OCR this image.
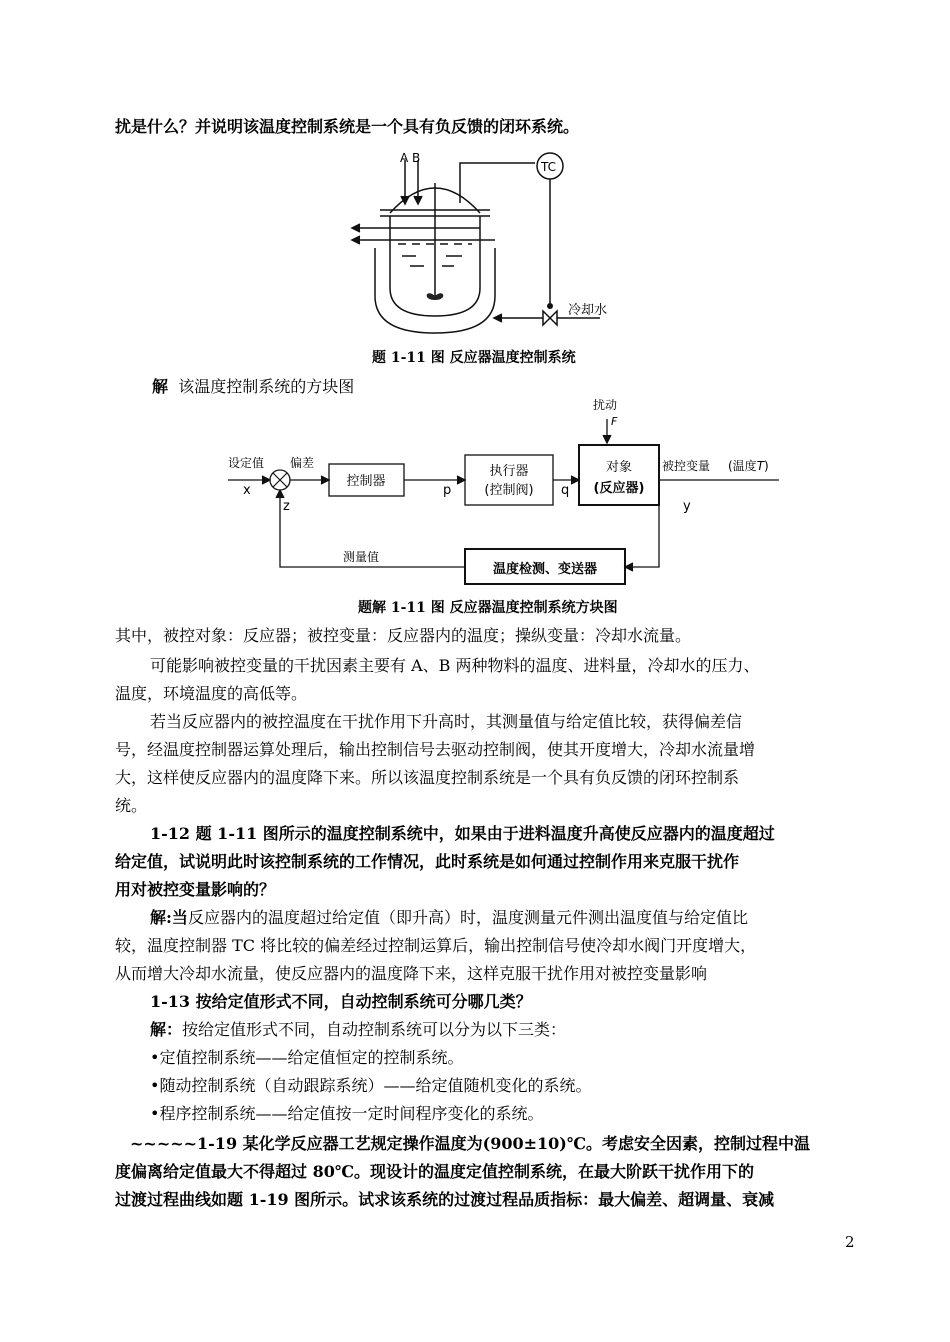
扰是什么？并说明该温度控制系统是一个具有负反馈的闭环系统。
A B
TC
冷却水
题 1-11 图 反应器温度控制系统
解 该温度控制系统的方块图
扰动
F
设定值
x
偏差
z
控制器
p
执行器
(控制阀) q
对象
(反应器)
被控变量 (温度T)
y
测量值
温度检测、变送器
题解 1-11 图 反应器温度控制系统方块图
其中，被控对象：反应器；被控变量：反应器内的温度；操纵变量：冷却水流量。
可能影响被控变量的干扰因素主要有 A、B 两种物料的温度、进料量，冷却水的压力、
温度，环境温度的高低等。
若当反应器内的被控温度在干扰作用下升高时，其测量值与给定值比较，获得偏差信
号，经温度控制器运算处理后，输出控制信号去驱动控制阀，使其开度增大，冷却水流量增
大，这样使反应器内的温度降下来。所以该温度控制系统是一个具有负反馈的闭环控制系
统。
1-12 题 1-11 图所示的温度控制系统中，如果由于进料温度升高使反应器内的温度超过
给定值，试说明此时该控制系统的工作情况，此时系统是如何通过控制作用来克服干扰作
用对被控变量影响的？
解:当反应器内的温度超过给定值（即升高）时，温度测量元件测出温度值与给定值比
较，温度控制器 TC 将比较的偏差经过控制运算后，输出控制信号使冷却水阀门开度增大，
从而增大冷却水流量，使反应器内的温度降下来，这样克服干扰作用对被控变量影响
1-13 按给定值形式不同，自动控制系统可分哪几类？
解：按给定值形式不同，自动控制系统可以分为以下三类：
•定值控制系统——给定值恒定的控制系统。
•随动控制系统（自动跟踪系统）——给定值随机变化的系统。
•程序控制系统——给定值按一定时间程序变化的系统。
~~~~~1-19 某化学反应器工艺规定操作温度为(900±10)℃。考虑安全因素，控制过程中温
度偏离给定值最大不得超过 80℃。现设计的温度定值控制系统，在最大阶跃干扰作用下的
过渡过程曲线如题 1-19 图所示。试求该系统的过渡过程品质指标：最大偏差、超调量、衰减
2
